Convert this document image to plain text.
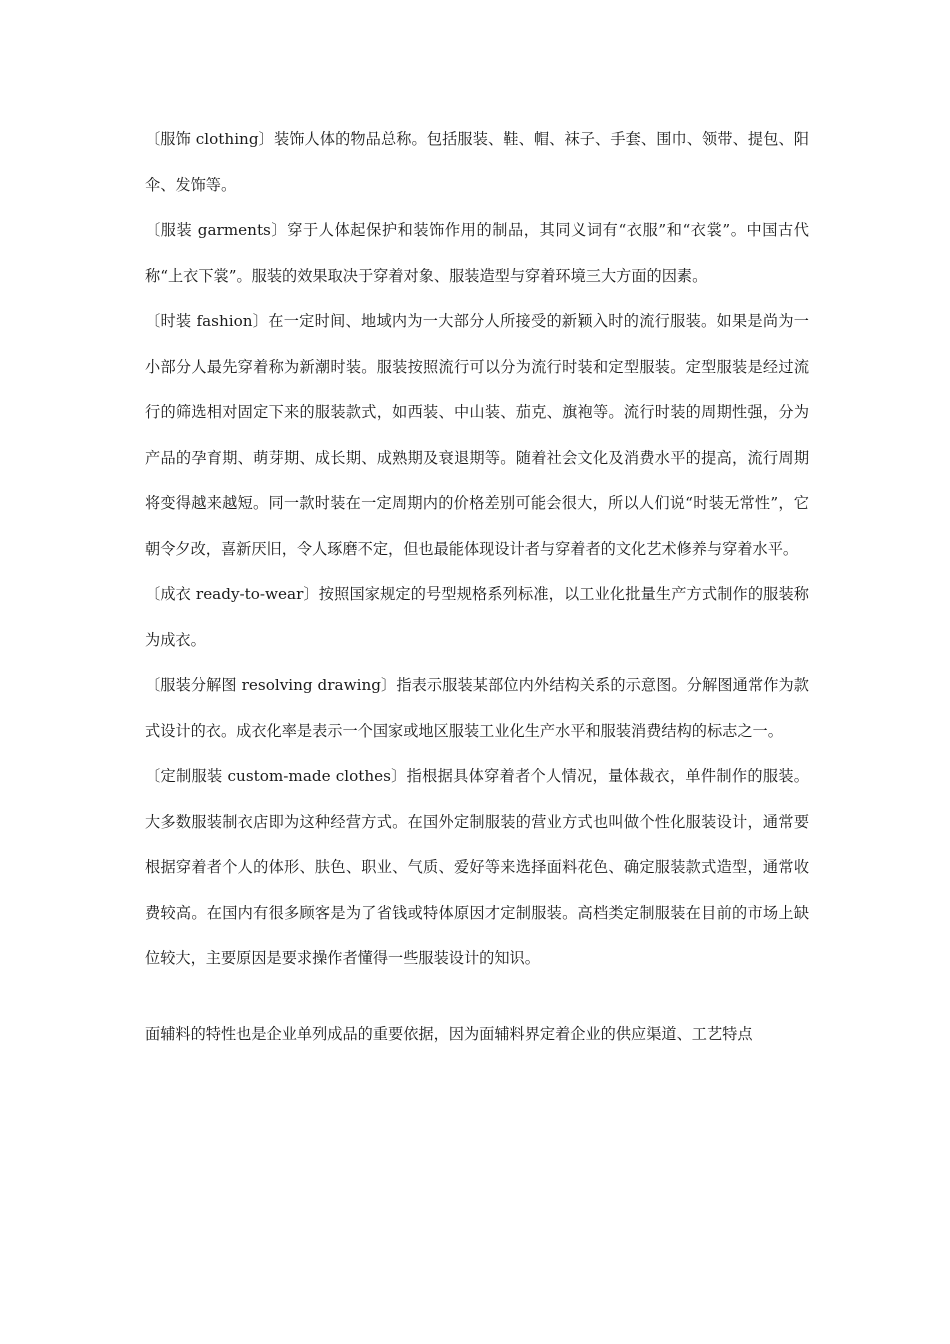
〔服饰 clothing〕装饰人体的物品总称。包括服装、鞋、帽、袜子、手套、围巾、领带、提包、阳伞、发饰等。

〔服装 garments〕穿于人体起保护和装饰作用的制品，其同义词有“衣服”和“衣裳”。中国古代称“上衣下裳”。服装的效果取决于穿着对象、服装造型与穿着环境三大方面的因素。

〔时装 fashion〕在一定时间、地域内为一大部分人所接受的新颖入时的流行服装。如果是尚为一小部分人最先穿着称为新潮时装。服装按照流行可以分为流行时装和定型服装。定型服装是经过流行的筛选相对固定下来的服装款式，如西装、中山装、茄克、旗袍等。流行时装的周期性强，分为产品的孕育期、萌芽期、成长期、成熟期及衰退期等。随着社会文化及消费水平的提高，流行周期将变得越来越短。同一款时装在一定周期内的价格差别可能会很大，所以人们说“时装无常性”，它朝令夕改，喜新厌旧，令人琢磨不定，但也最能体现设计者与穿着者的文化艺术修养与穿着水平。

〔成衣 ready-to-wear〕按照国家规定的号型规格系列标准，以工业化批量生产方式制作的服装称为成衣。

〔服装分解图 resolving drawing〕指表示服装某部位内外结构关系的示意图。分解图通常作为款式设计的衣。成衣化率是表示一个国家或地区服装工业化生产水平和服装消费结构的标志之一。

〔定制服装 custom-made clothes〕指根据具体穿着者个人情况，量体裁衣，单件制作的服装。大多数服装制衣店即为这种经营方式。在国外定制服装的营业方式也叫做个性化服装设计，通常要根据穿着者个人的体形、肤色、职业、气质、爱好等来选择面料花色、确定服装款式造型，通常收费较高。在国内有很多顾客是为了省钱或特体原因才定制服装。高档类定制服装在目前的市场上缺位较大，主要原因是要求操作者懂得一些服装设计的知识。

面辅料的特性也是企业单列成品的重要依据，因为面辅料界定着企业的供应渠道、工艺特点
